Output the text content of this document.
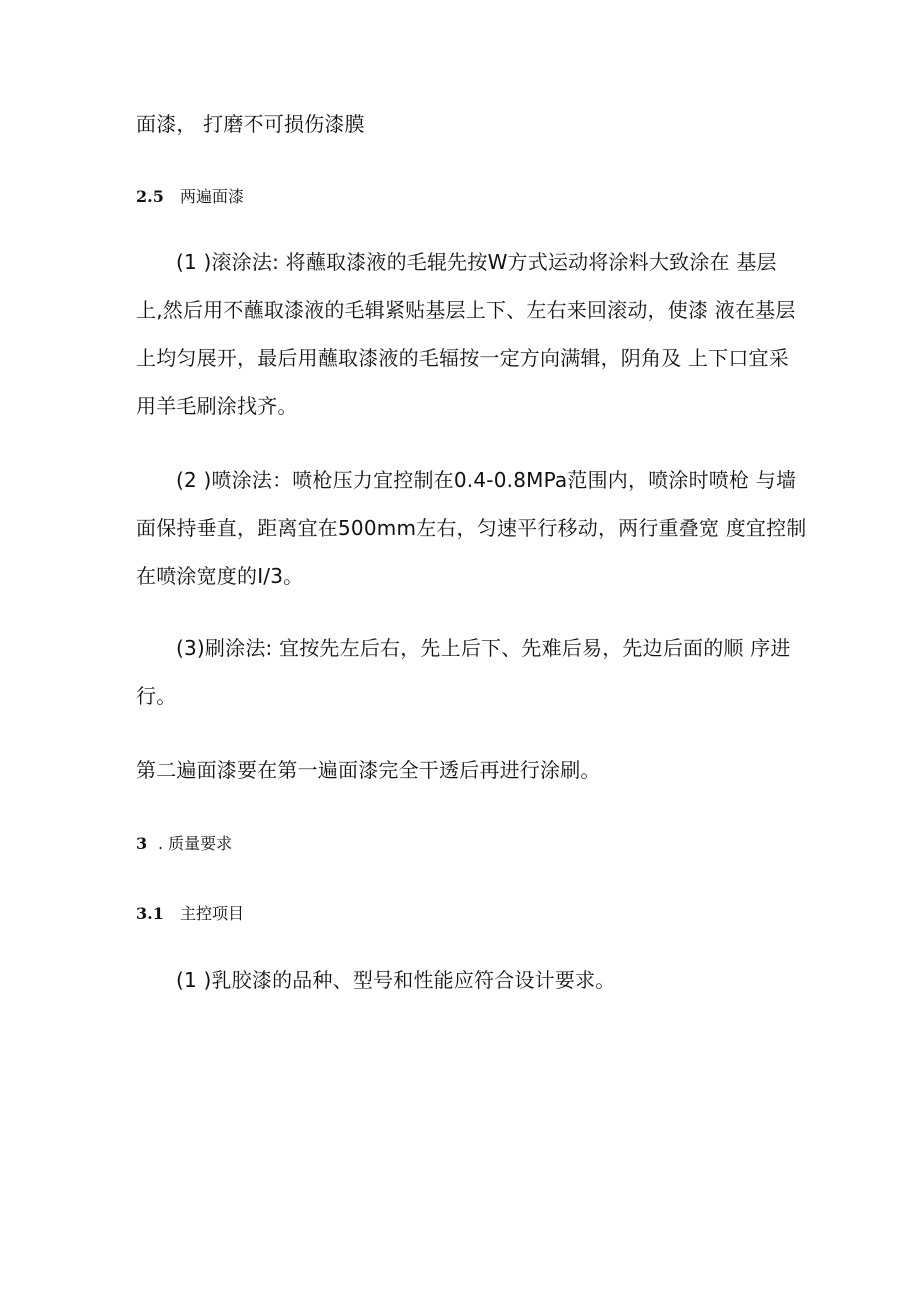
面漆， 打磨不可损伤漆膜
2.5 两遍面漆
(1 )滚涂法: 将蘸取漆液的毛辊先按W方式运动将涂料大致涂在 基层
上,然后用不蘸取漆液的毛辑紧贴基层上下、左右来回滚动，使漆 液在基层
上均匀展开，最后用蘸取漆液的毛辐按一定方向满辑，阴角及 上下口宜采
用羊毛刷涂找齐。
(2 )喷涂法：喷枪压力宜控制在0.4-0.8MPa范围内，喷涂时喷枪 与墙
面保持垂直，距离宜在500mm左右，匀速平行移动，两行重叠宽 度宜控制
在喷涂宽度的Ⅰ/3。
(3)刷涂法: 宜按先左后右，先上后下、先难后易，先边后面的顺 序进
行。
第二遍面漆要在第一遍面漆完全干透后再进行涂刷。
3 . 质量要求
3.1 主控项目
(1 )乳胶漆的品种、型号和性能应符合设计要求。
